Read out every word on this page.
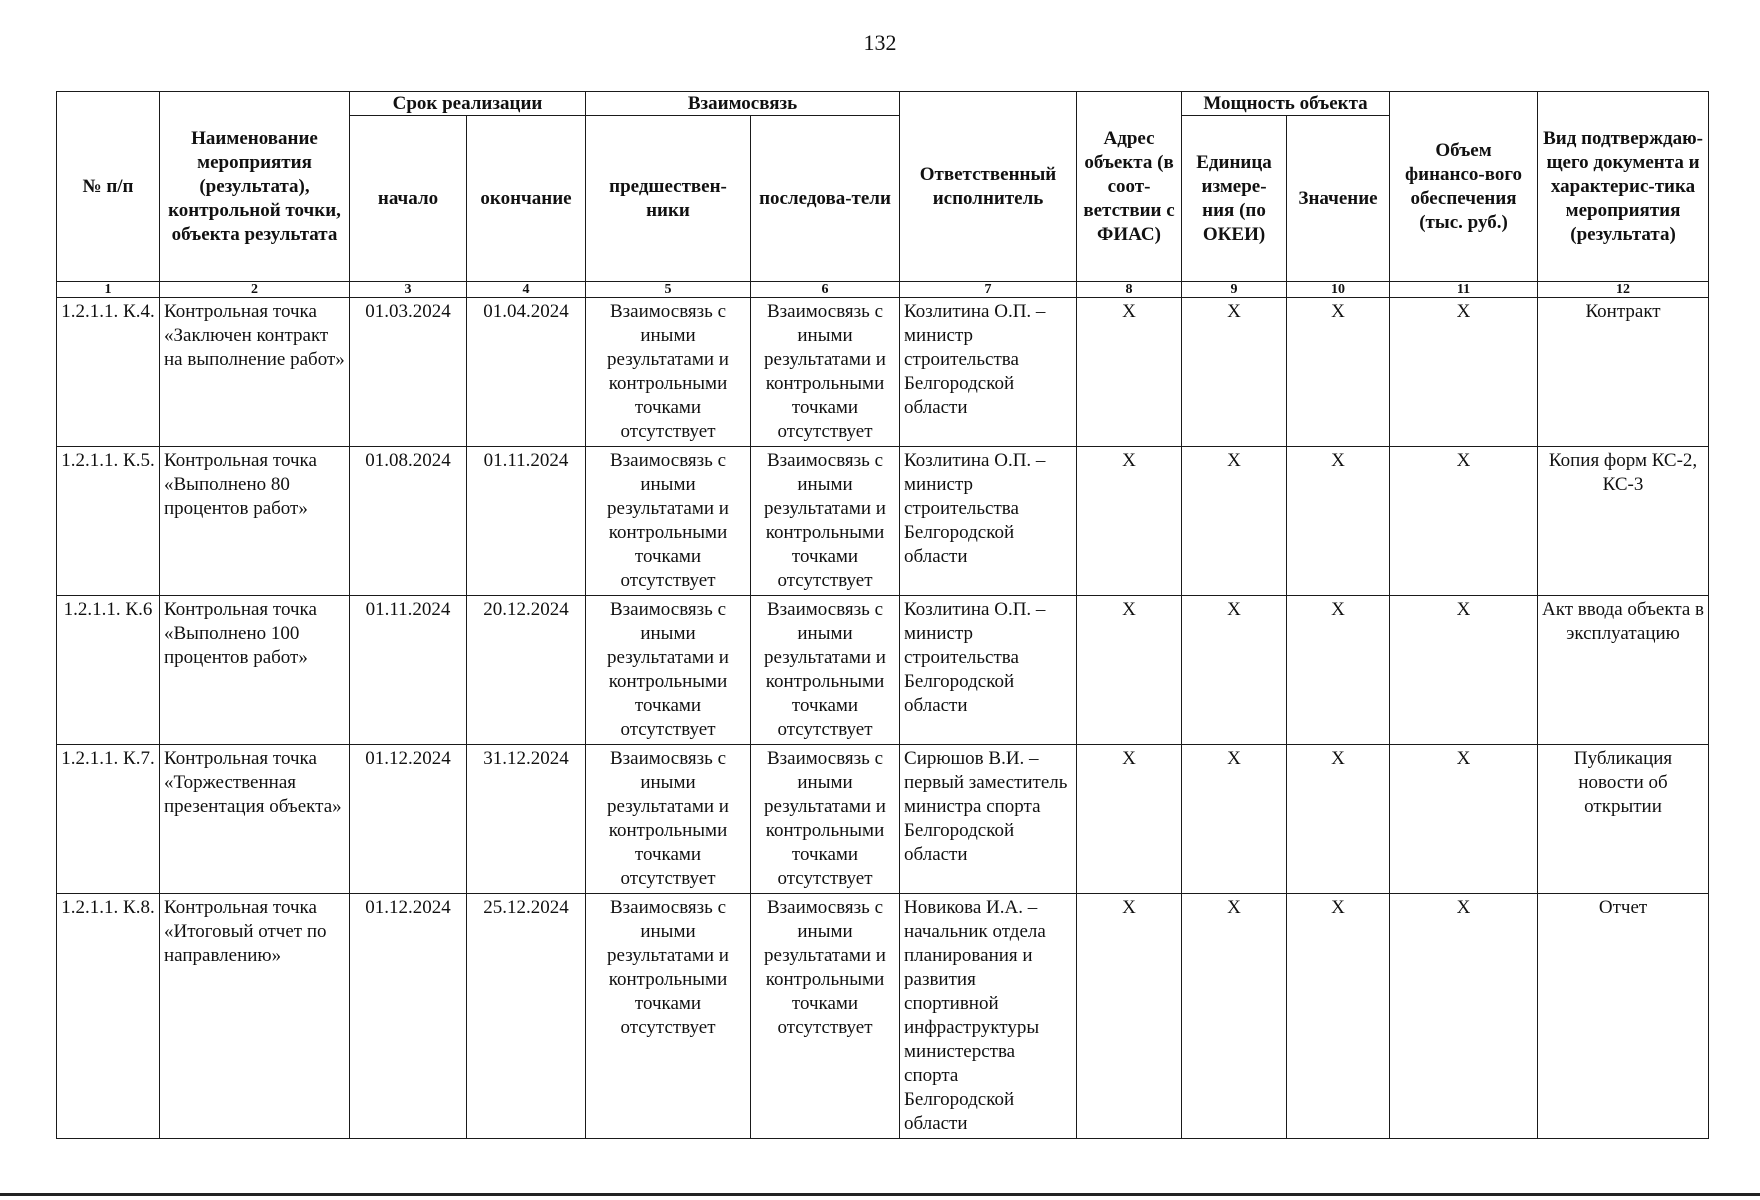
132
№ п/п	Наименование мероприятия (результата), контрольной точки, объекта результата	Срок реализации		Взаимосвязь		Ответственный исполнитель	Адрес объекта (в соот-ветствии с ФИАС)	Мощность объекта		Объем финансо-вого обеспечения (тыс. руб.)	Вид подтверждаю-щего документа и характерис-тика мероприятия (результата)
		начало	окончание	предшествен-ники	последова-тели			Единица измере-ния (по ОКЕИ)	Значение		
1	2	3	4	5	6	7	8	9	10	11	12
1.2.1.1. К.4.	Контрольная точка «Заключен контракт на выполнение работ»	01.03.2024	01.04.2024	Взаимосвязь с иными результатами и контрольными точками отсутствует	Взаимосвязь с иными результатами и контрольными точками отсутствует	Козлитина О.П. – министр строительства Белгородской области	X	X	X	X	Контракт
1.2.1.1. К.5.	Контрольная точка «Выполнено 80 процентов работ»	01.08.2024	01.11.2024	Взаимосвязь с иными результатами и контрольными точками отсутствует	Взаимосвязь с иными результатами и контрольными точками отсутствует	Козлитина О.П. – министр строительства Белгородской области	X	X	X	X	Копия форм КС-2, КС-3
1.2.1.1. К.6	Контрольная точка «Выполнено 100 процентов работ»	01.11.2024	20.12.2024	Взаимосвязь с иными результатами и контрольными точками отсутствует	Взаимосвязь с иными результатами и контрольными точками отсутствует	Козлитина О.П. – министр строительства Белгородской области	X	X	X	X	Акт ввода объекта в эксплуатацию
1.2.1.1. К.7.	Контрольная точка «Торжественная презентация объекта»	01.12.2024	31.12.2024	Взаимосвязь с иными результатами и контрольными точками отсутствует	Взаимосвязь с иными результатами и контрольными точками отсутствует	Сирюшов В.И. – первый заместитель министра спорта Белгородской области	X	X	X	X	Публикация новости об открытии
1.2.1.1. К.8.	Контрольная точка «Итоговый отчет по направлению»	01.12.2024	25.12.2024	Взаимосвязь с иными результатами и контрольными точками отсутствует	Взаимосвязь с иными результатами и контрольными точками отсутствует	Новикова И.А. – начальник отдела планирования и развития спортивной инфраструктуры министерства спорта Белгородской области	X	X	X	X	Отчет
